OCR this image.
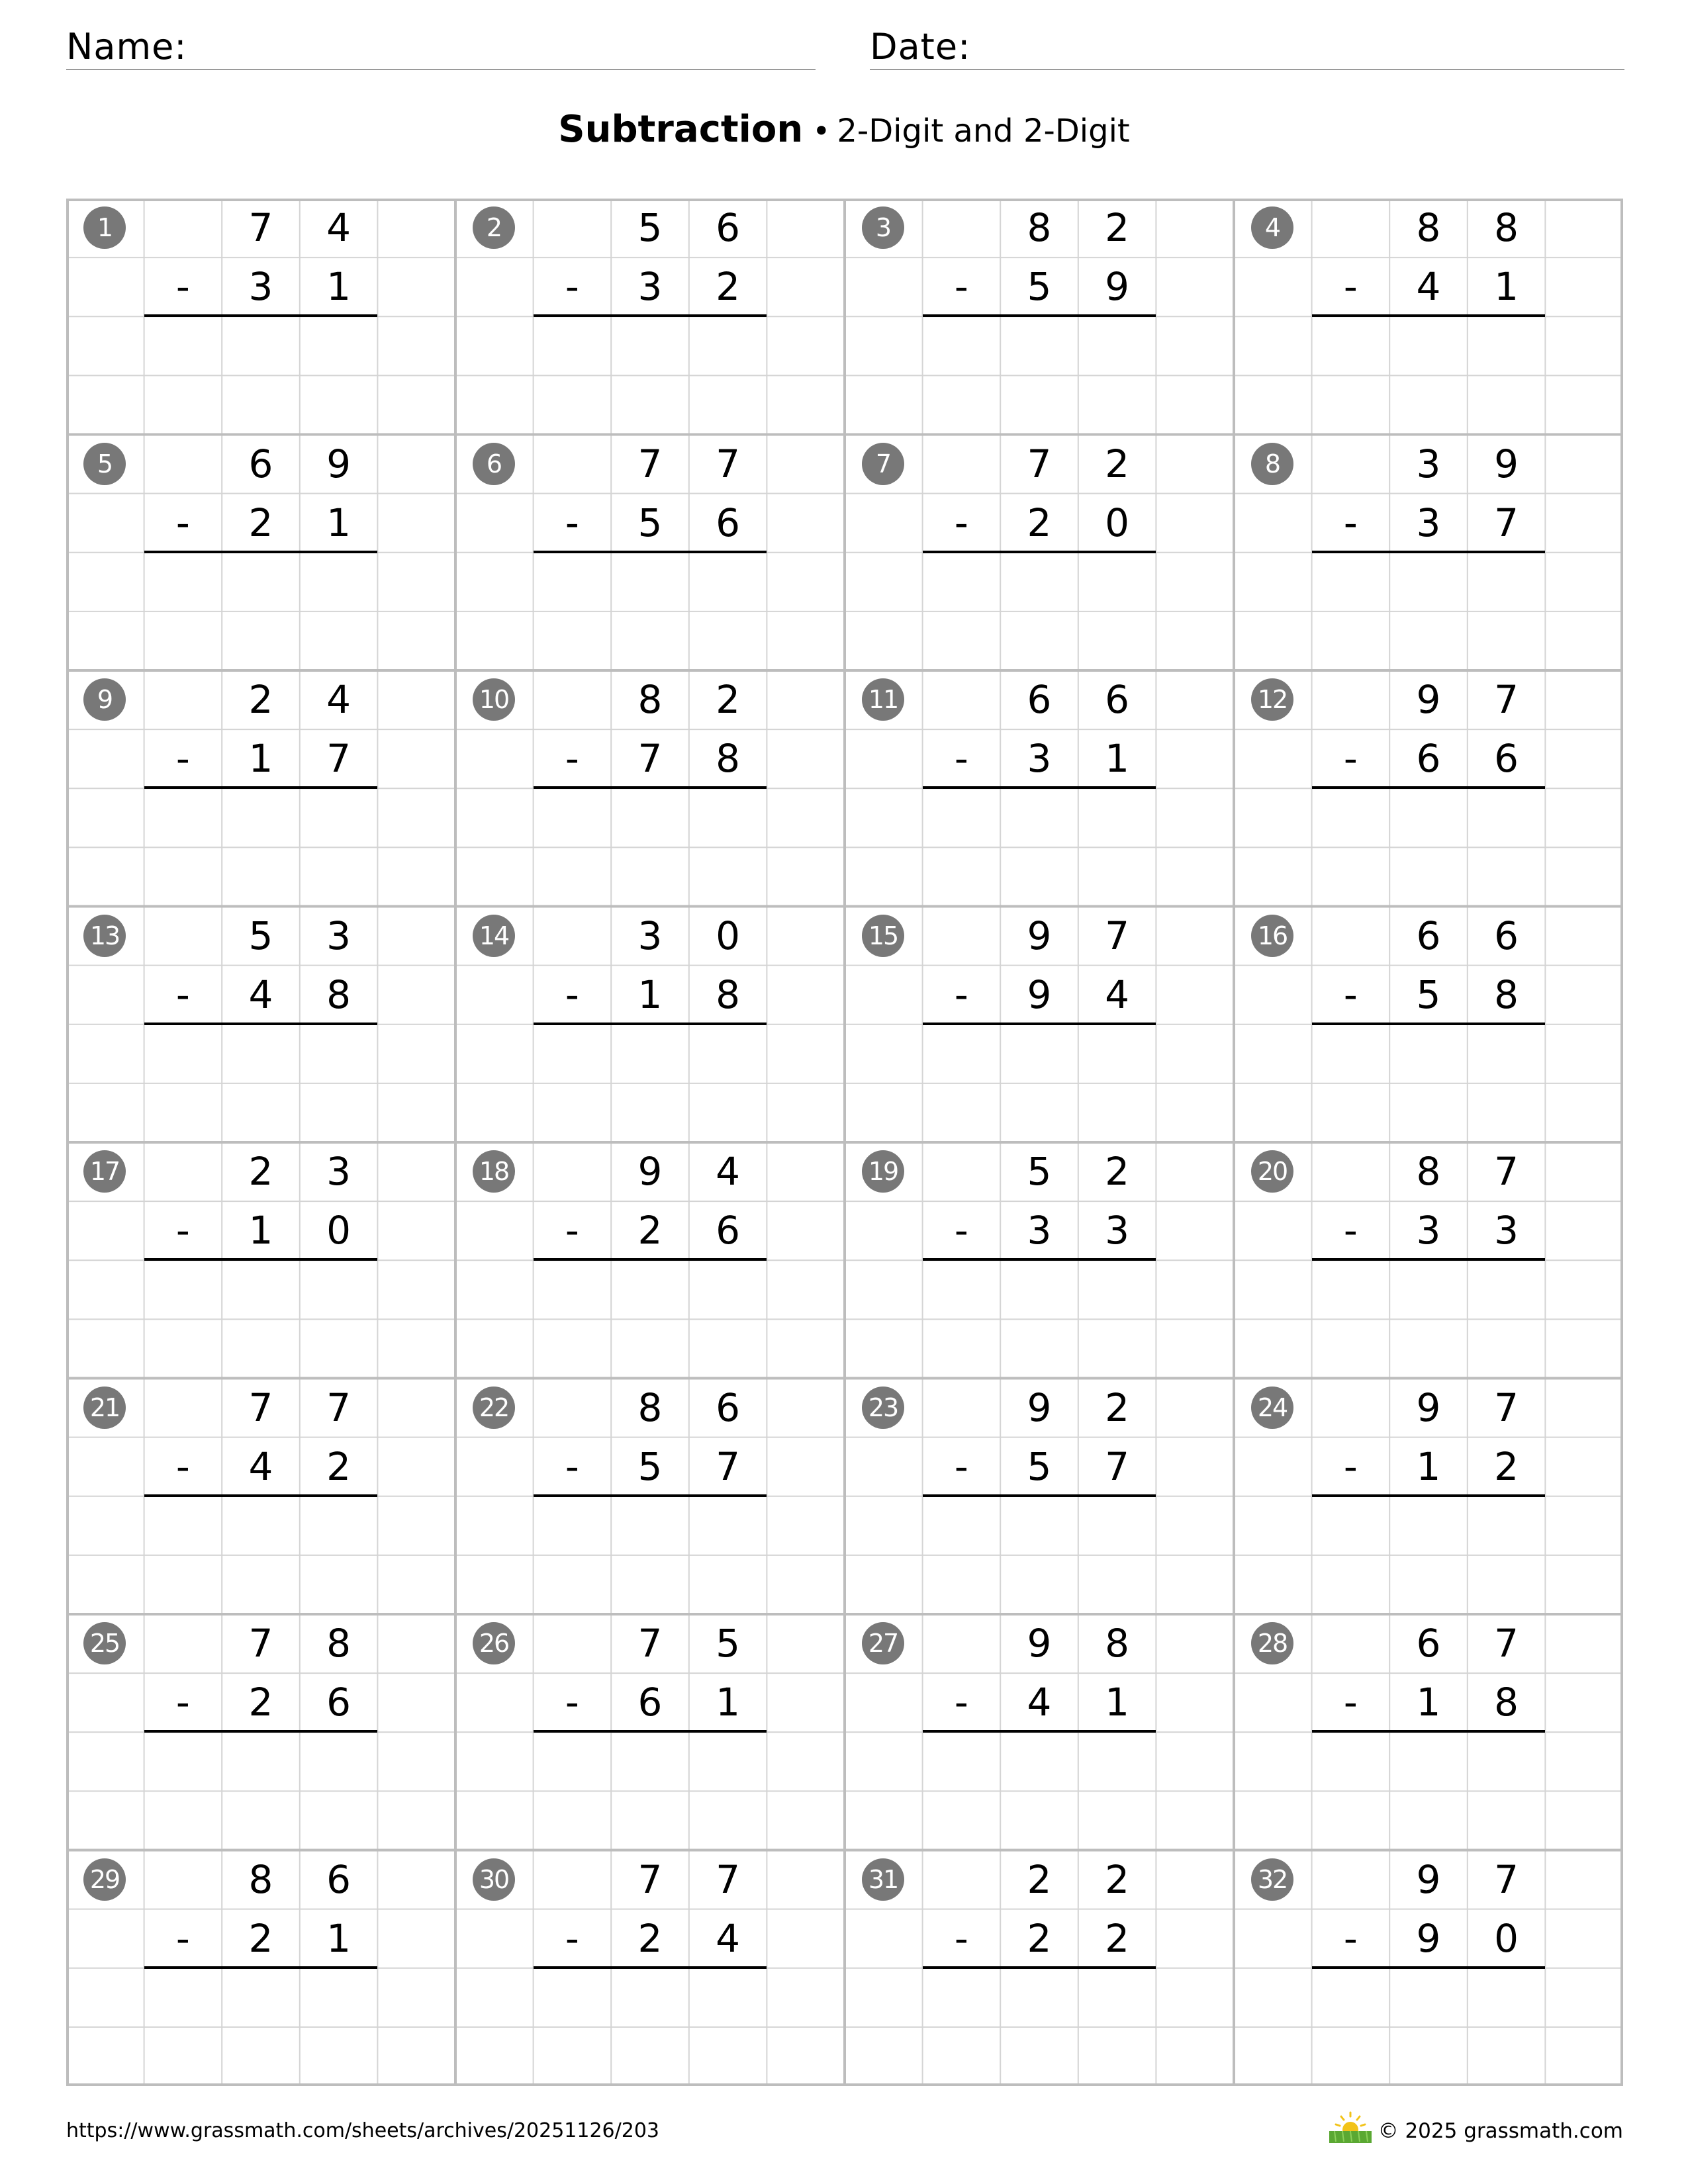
Name:	Date:
Subtraction • 2-Digit and 2-Digit
1	7	4
-	3	1
2	5	6
-	3	2
3	8	2
-	5	9
4	8	8
-	4	1
5	6	9
-	2	1
6	7	7
-	5	6
7	7	2
-	2	0
8	3	9
-	3	7
9	2	4
-	1	7
10	8	2
-	7	8
11	6	6
-	3	1
12	9	7
-	6	6
13	5	3
-	4	8
14	3	0
-	1	8
15	9	7
-	9	4
16	6	6
-	5	8
17	2	3
-	1	0
18	9	4
-	2	6
19	5	2
-	3	3
20	8	7
-	3	3
21	7	7
-	4	2
22	8	6
-	5	7
23	9	2
-	5	7
24	9	7
-	1	2
25	7	8
-	2	6
26	7	5
-	6	1
27	9	8
-	4	1
28	6	7
-	1	8
29	8	6
-	2	1
30	7	7
-	2	4
31	2	2
-	2	2
32	9	7
-	9	0
https://www.grassmath.com/sheets/archives/20251126/203	© 2025 grassmath.com
